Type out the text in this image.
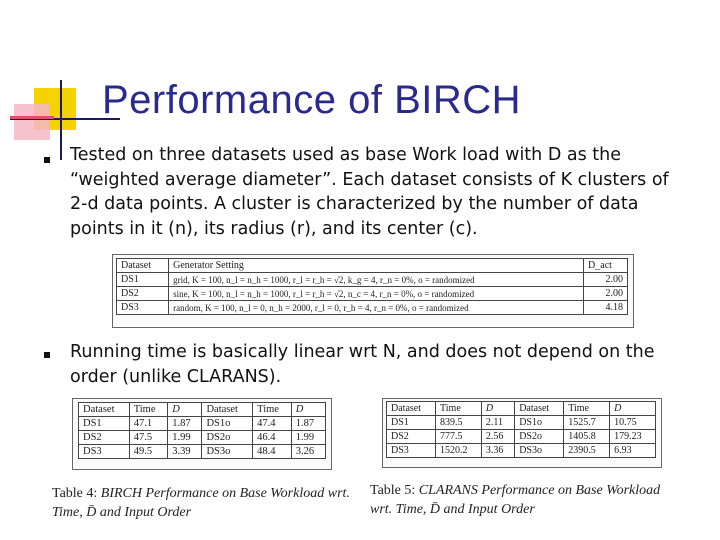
Performance of BIRCH
Tested on three datasets used as base Work load with D as the
“weighted average diameter”. Each dataset consists of K clusters of
2-d data points. A cluster is characterized by the number of data
points in it (n), its radius (r), and its center (c).
Dataset	Generator Setting	D_act
DS1	grid, K = 100, n_l = n_h = 1000, r_l = r_h = √2, k_g = 4, r_n = 0%, o = randomized	2.00
DS2	sine, K = 100, n_l = n_h = 1000, r_l = r_h = √2, n_c = 4, r_n = 0%, o = randomized	2.00
DS3	random, K = 100, n_l = 0, n_h = 2000, r_l = 0, r_h = 4, r_n = 0%, o = randomized	4.18
Running time is basically linear wrt N, and does not depend on the
order (unlike CLARANS).
Dataset	Time	D	Dataset	Time	D
DS1	47.1	1.87	DS1o	47.4	1.87
DS2	47.5	1.99	DS2o	46.4	1.99
DS3	49.5	3.39	DS3o	48.4	3.26
Dataset	Time	D	Dataset	Time	D
DS1	839.5	2.11	DS1o	1525.7	10.75
DS2	777.5	2.56	DS2o	1405.8	179.23
DS3	1520.2	3.36	DS3o	2390.5	6.93
Table 4: BIRCH Performance on Base Workload wrt.
Time, D̄ and Input Order
Table 5: CLARANS Performance on Base Workload
wrt. Time, D̄ and Input Order
